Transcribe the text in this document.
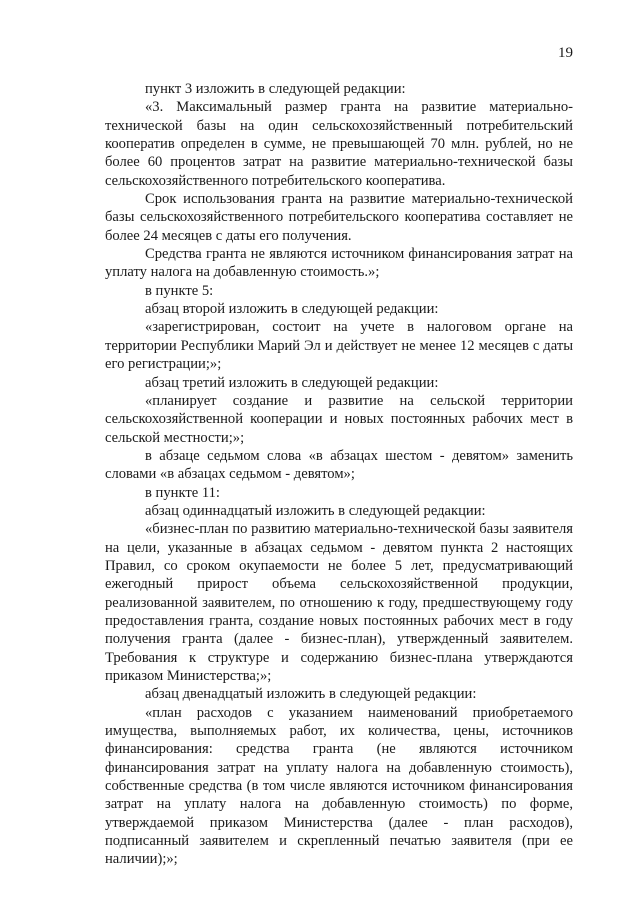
19

пункт 3 изложить в следующей редакции:

«3. Максимальный размер гранта на развитие материально-технической базы на один сельскохозяйственный потребительский кооператив определен в сумме, не превышающей 70 млн. рублей, но не более 60 процентов затрат на развитие материально-технической базы сельскохозяйственного потребительского кооператива.

Срок использования гранта на развитие материально-технической базы сельскохозяйственного потребительского кооператива составляет не более 24 месяцев с даты его получения.

Средства гранта не являются источником финансирования затрат на уплату налога на добавленную стоимость.»;

в пункте 5:

абзац второй изложить в следующей редакции:

«зарегистрирован, состоит на учете в налоговом органе на территории Республики Марий Эл и действует не менее 12 месяцев с даты его регистрации;»;

абзац третий изложить в следующей редакции:

«планирует создание и развитие на сельской территории сельскохозяйственной кооперации и новых постоянных рабочих мест в сельской местности;»;

в абзаце седьмом слова «в абзацах шестом - девятом» заменить словами «в абзацах седьмом - девятом»;

в пункте 11:

абзац одиннадцатый изложить в следующей редакции:

«бизнес-план по развитию материально-технической базы заявителя на цели, указанные в абзацах седьмом - девятом пункта 2 настоящих Правил, со сроком окупаемости не более 5 лет, предусматривающий ежегодный прирост объема сельскохозяйственной продукции, реализованной заявителем, по отношению к году, предшествующему году предоставления гранта, создание новых постоянных рабочих мест в году получения гранта (далее - бизнес-план), утвержденный заявителем. Требования к структуре и содержанию бизнес-плана утверждаются приказом Министерства;»;

абзац двенадцатый изложить в следующей редакции:

«план расходов с указанием наименований приобретаемого имущества, выполняемых работ, их количества, цены, источников финансирования: средства гранта (не являются источником финансирования затрат на уплату налога на добавленную стоимость), собственные средства (в том числе являются источником финансирования затрат на уплату налога на добавленную стоимость) по форме, утверждаемой приказом Министерства (далее - план расходов), подписанный заявителем и скрепленный печатью заявителя (при ее наличии);»;
